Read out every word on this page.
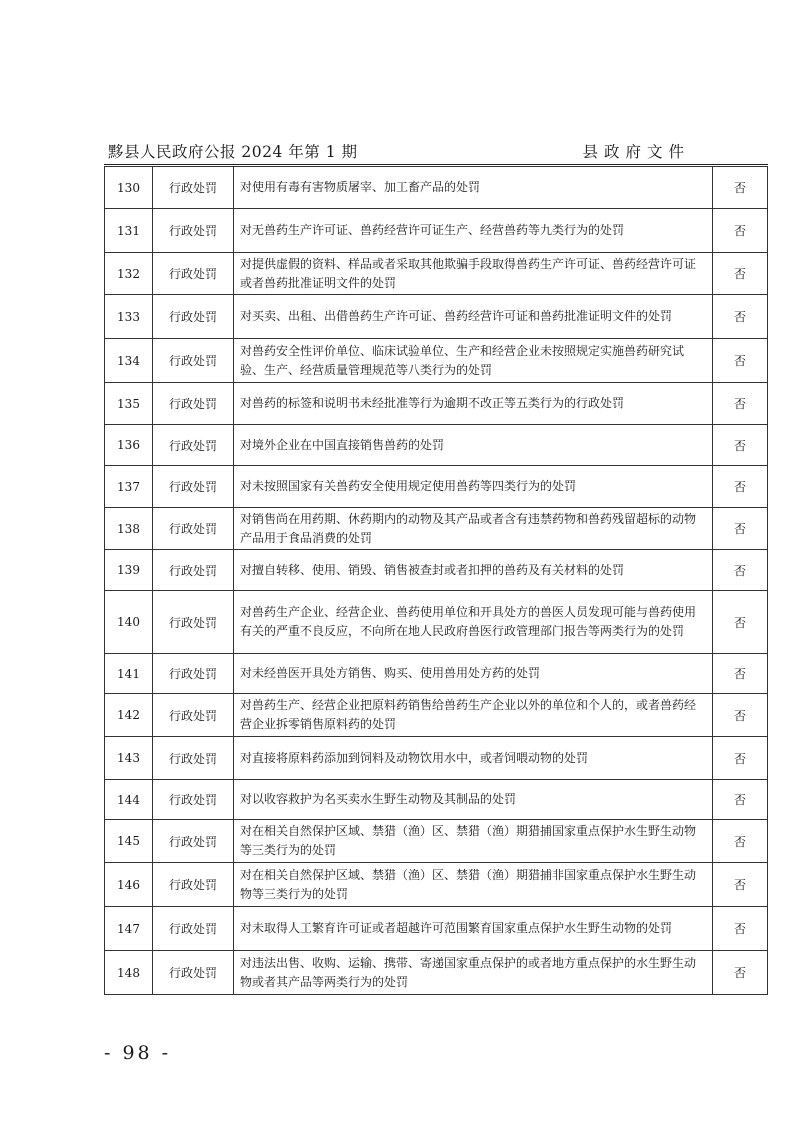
黟县人民政府公报 2024 年第 1 期	县政府文件
130	行政处罚	对使用有毒有害物质屠宰、加工畜产品的处罚	否
131	行政处罚	对无兽药生产许可证、兽药经营许可证生产、经营兽药等九类行为的处罚	否
132	行政处罚	对提供虚假的资料、样品或者采取其他欺骗手段取得兽药生产许可证、兽药经营许可证或者兽药批准证明文件的处罚	否
133	行政处罚	对买卖、出租、出借兽药生产许可证、兽药经营许可证和兽药批准证明文件的处罚	否
134	行政处罚	对兽药安全性评价单位、临床试验单位、生产和经营企业未按照规定实施兽药研究试验、生产、经营质量管理规范等八类行为的处罚	否
135	行政处罚	对兽药的标签和说明书未经批准等行为逾期不改正等五类行为的行政处罚	否
136	行政处罚	对境外企业在中国直接销售兽药的处罚	否
137	行政处罚	对未按照国家有关兽药安全使用规定使用兽药等四类行为的处罚	否
138	行政处罚	对销售尚在用药期、休药期内的动物及其产品或者含有违禁药物和兽药残留超标的动物产品用于食品消费的处罚	否
139	行政处罚	对擅自转移、使用、销毁、销售被查封或者扣押的兽药及有关材料的处罚	否
140	行政处罚	对兽药生产企业、经营企业、兽药使用单位和开具处方的兽医人员发现可能与兽药使用有关的严重不良反应，不向所在地人民政府兽医行政管理部门报告等两类行为的处罚	否
141	行政处罚	对未经兽医开具处方销售、购买、使用兽用处方药的处罚	否
142	行政处罚	对兽药生产、经营企业把原料药销售给兽药生产企业以外的单位和个人的，或者兽药经营企业拆零销售原料药的处罚	否
143	行政处罚	对直接将原料药添加到饲料及动物饮用水中，或者饲喂动物的处罚	否
144	行政处罚	对以收容救护为名买卖水生野生动物及其制品的处罚	否
145	行政处罚	对在相关自然保护区域、禁猎（渔）区、禁猎（渔）期猎捕国家重点保护水生野生动物等三类行为的处罚	否
146	行政处罚	对在相关自然保护区域、禁猎（渔）区、禁猎（渔）期猎捕非国家重点保护水生野生动物等三类行为的处罚	否
147	行政处罚	对未取得人工繁育许可证或者超越许可范围繁育国家重点保护水生野生动物的处罚	否
148	行政处罚	对违法出售、收购、运输、携带、寄递国家重点保护的或者地方重点保护的水生野生动物或者其产品等两类行为的处罚	否
- 98 -
